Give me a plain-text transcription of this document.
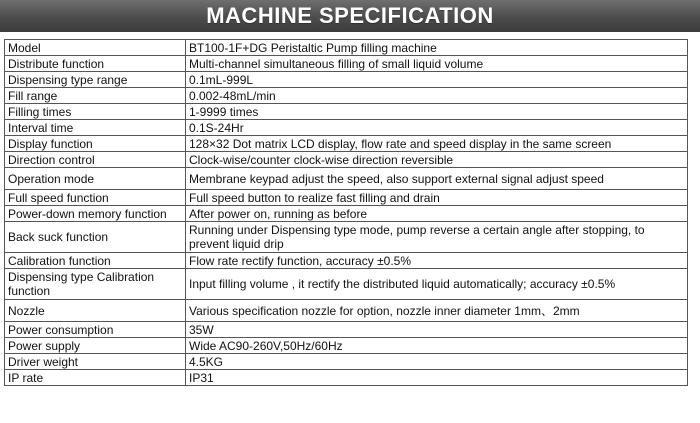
MACHINE SPECIFICATION
Model	BT100-1F+DG Peristaltic Pump filling machine
Distribute function	Multi-channel simultaneous filling of small liquid volume
Dispensing type range	0.1mL-999L
Fill range	0.002-48mL/min
Filling times	1-9999 times
Interval time	0.1S-24Hr
Display function	128×32 Dot matrix LCD display, flow rate and speed display in the same screen
Direction control	Clock-wise/counter clock-wise direction reversible
Operation mode	Membrane keypad adjust the speed, also support external signal adjust speed
Full speed function	Full speed button to realize fast filling and drain
Power-down memory function	After power on, running as before
Back suck function	Running under Dispensing type mode, pump reverse a certain angle after stopping, to prevent liquid drip
Calibration function	Flow rate rectify function, accuracy ±0.5%
Dispensing type Calibration function	Input filling volume , it rectify the distributed liquid automatically; accuracy ±0.5%
Nozzle	Various specification nozzle for option, nozzle inner diameter 1mm、2mm
Power consumption	35W
Power supply	Wide AC90-260V,50Hz/60Hz
Driver weight	4.5KG
IP rate	IP31
